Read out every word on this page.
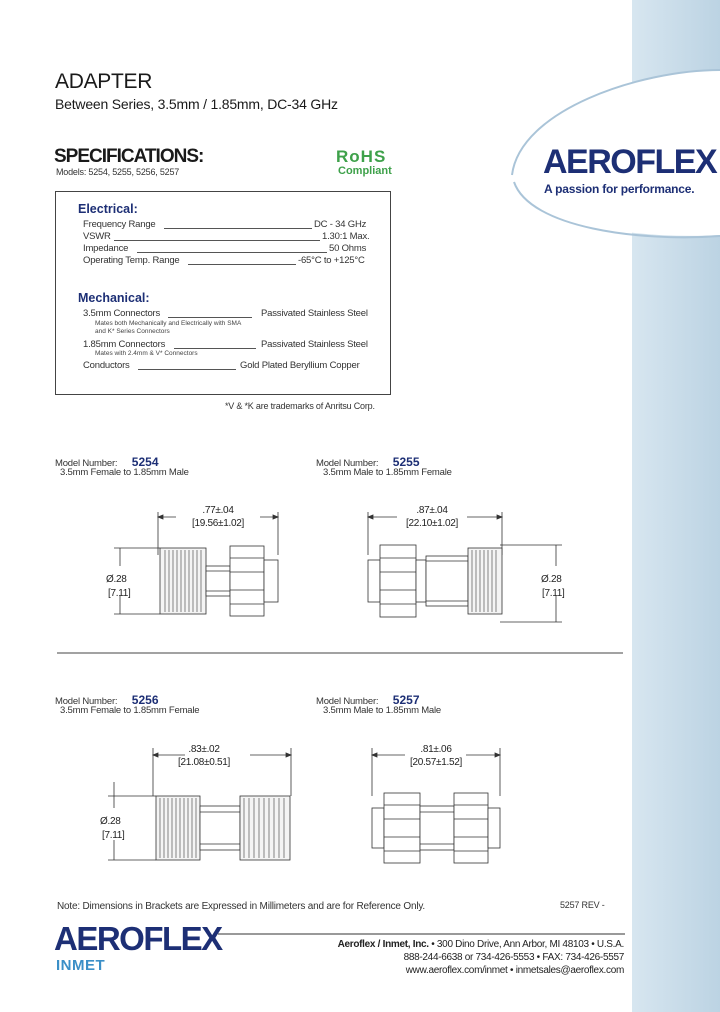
ADAPTER
Between Series, 3.5mm / 1.85mm, DC-34 GHz
SPECIFICATIONS:
Models: 5254, 5255, 5256, 5257
RoHS
Compliant	AEROFLEX
A passion for performance.
Electrical:
Frequency Range	DC - 34 GHz
VSWR	1.30:1 Max.
Impedance	50 Ohms
Operating Temp. Range	-65°C to +125°C
Mechanical:
3.5mm Connectors	Passivated Stainless Steel
Mates both Mechanically and Electrically with SMA and K* Series Connectors
1.85mm Connectors	Passivated Stainless Steel
Mates with 2.4mm & V* Connectors
Conductors	Gold Plated Beryllium Copper
*V & *K are trademarks of Anritsu Corp.
Model Number: 5254
3.5mm Female to 1.85mm Male
.77±.04
[19.56±1.02]
Ø.28
[7.11]
Model Number: 5255
3.5mm Male to 1.85mm Female
.87±.04
[22.10±1.02]
Ø.28
[7.11]
Model Number: 5256
3.5mm Female to 1.85mm Female
.83±.02
[21.08±0.51]
Ø.28
[7.11]
Model Number: 5257
3.5mm Male to 1.85mm Male
.81±.06
[20.57±1.52]
Note: Dimensions in Brackets are Expressed in Millimeters and are for Reference Only.	5257 REV -
AEROFLEX
INMET
Aeroflex / Inmet, Inc. • 300 Dino Drive, Ann Arbor, MI 48103 • U.S.A.
888-244-6638 or 734-426-5553 • FAX: 734-426-5557
www.aeroflex.com/inmet • inmetsales@aeroflex.com
